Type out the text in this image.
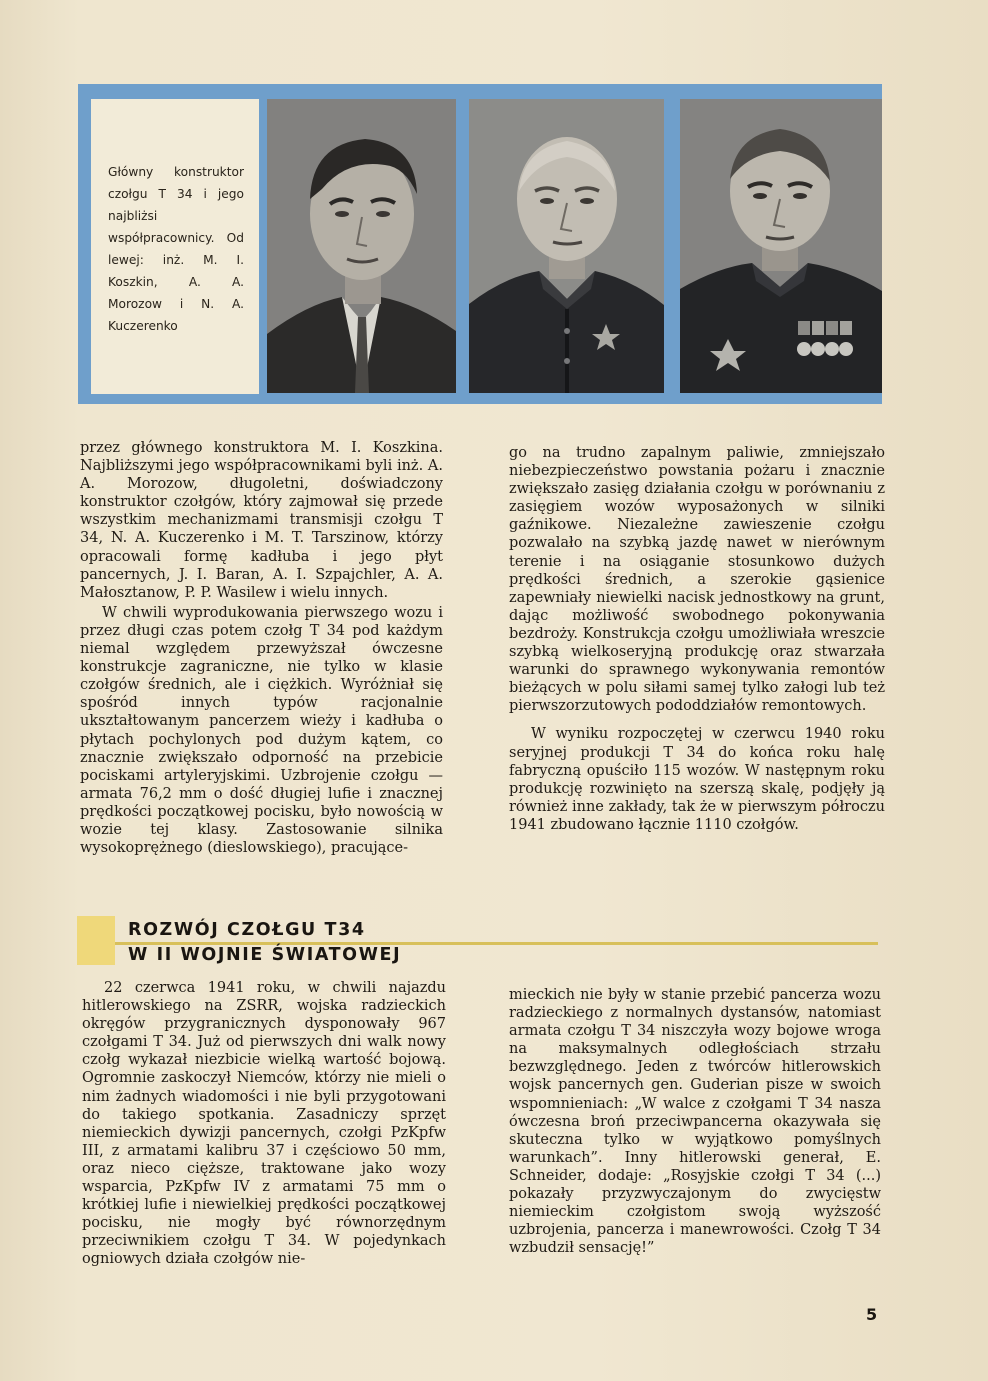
Główny konstruktor czołgu T 34 i jego najbliżsi współpracownicy. Od lewej: inż. M. I. Koszkin, A. A. Morozow i N. A. Kuczerenko

przez głównego konstruktora M. I. Koszkina. Najbliższymi jego współpracownikami byli inż. A. A. Morozow, długoletni, doświadczony konstruktor czołgów, który zajmował się przede wszystkim mechanizmami transmisji czołgu T 34, N. A. Kuczerenko i M. T. Tarszinow, którzy opracowali formę kadłuba i jego płyt pancernych, J. I. Baran, A. I. Szpajchler, A. A. Małosztanow, P. P. Wasilew i wielu innych.

W chwili wyprodukowania pierwszego wozu i przez długi czas potem czołg T 34 pod każdym niemal względem przewyższał ówczesne konstrukcje zagraniczne, nie tylko w klasie czołgów średnich, ale i ciężkich. Wyróżniał się spośród innych typów racjonalnie ukształtowanym pancerzem wieży i kadłuba o płytach pochylonych pod dużym kątem, co znacznie zwiększało odporność na przebicie pociskami artyleryjskimi. Uzbrojenie czołgu — armata 76,2 mm o dość długiej lufie i znacznej prędkości początkowej pocisku, było nowością w wozie tej klasy. Zastosowanie silnika wysokoprężnego (dieslowskiego), pracujące-

go na trudno zapalnym paliwie, zmniejszało niebezpieczeństwo powstania pożaru i znacznie zwiększało zasięg działania czołgu w porównaniu z zasięgiem wozów wyposażonych w silniki gaźnikowe. Niezależne zawieszenie czołgu pozwalało na szybką jazdę nawet w nierównym terenie i na osiąganie stosunkowo dużych prędkości średnich, a szerokie gąsienice zapewniały niewielki nacisk jednostkowy na grunt, dając możliwość swobodnego pokonywania bezdroży. Konstrukcja czołgu umożliwiała wreszcie szybką wielkoseryjną produkcję oraz stwarzała warunki do sprawnego wykonywania remontów bieżących w polu siłami samej tylko załogi lub też pierwszorzutowych pododdziałów remontowych.

W wyniku rozpoczętej w czerwcu 1940 roku seryjnej produkcji T 34 do końca roku halę fabryczną opuściło 115 wozów. W następnym roku produkcję rozwinięto na szerszą skalę, podjęły ją również inne zakłady, tak że w pierwszym półroczu 1941 zbudowano łącznie 1110 czołgów.

ROZWÓJ CZOŁGU T34
W II WOJNIE ŚWIATOWEJ

22 czerwca 1941 roku, w chwili najazdu hitlerowskiego na ZSRR, wojska radzieckich okręgów przygranicznych dysponowały 967 czołgami T 34. Już od pierwszych dni walk nowy czołg wykazał niezbicie wielką wartość bojową. Ogromnie zaskoczył Niemców, którzy nie mieli o nim żadnych wiadomości i nie byli przygotowani do takiego spotkania. Zasadniczy sprzęt niemieckich dywizji pancernych, czołgi PzKpfw III, z armatami kalibru 37 i częściowo 50 mm, oraz nieco cięższe, traktowane jako wozy wsparcia, PzKpfw IV z armatami 75 mm o krótkiej lufie i niewielkiej prędkości początkowej pocisku, nie mogły być równorzędnym przeciwnikiem czołgu T 34. W pojedynkach ogniowych działa czołgów nie-

mieckich nie były w stanie przebić pancerza wozu radzieckiego z normalnych dystansów, natomiast armata czołgu T 34 niszczyła wozy bojowe wroga na maksymalnych odległościach strzału bezwzględnego. Jeden z twórców hitlerowskich wojsk pancernych gen. Guderian pisze w swoich wspomnieniach: „W walce z czołgami T 34 nasza ówczesna broń przeciwpancerna okazywała się skuteczna tylko w wyjątkowo pomyślnych warunkach”. Inny hitlerowski generał, E. Schneider, dodaje: „Rosyjskie czołgi T 34 (...) pokazały przyzwyczajonym do zwycięstw niemieckim czołgistom swoją wyższość uzbrojenia, pancerza i manewrowości. Czołg T 34 wzbudził sensację!”

5
